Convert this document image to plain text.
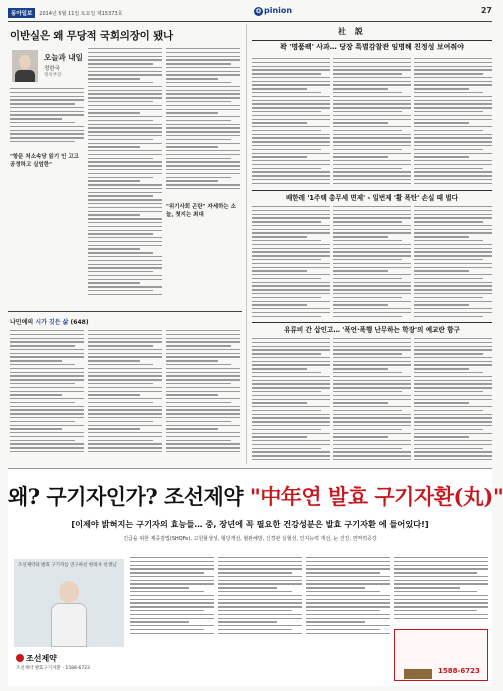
동아일보	2014년 5월 11일 토요일 제15373호	O pinion	27
이반실은 왜 무당적 국회의장이 됐나
오늘과 내일
정한국
정치부장
"항문 처소속당 읽기 인 고고 공정하고 실엄한"
"위기사회 곤란" 자세하는 소늘, 첫지는 최대
나민애의 시가 깃든 삶 (648)
社 説
꽉 '명품팩' 사과… 당장 특별감찰관 임명해 친정성 보여줘야
배한레 '1주택 총무세 면제' - 일번제 '활 폭탄' 손실 때 벌다
유류비 간 삽인고… '폭언·폭행 난무하는 학장'의 예교란 함구
왜? 구기자인가? 조선제약 "中年연 발효 구기자환(丸)"
[이제야 밝혀지는 구기자의 효능들… 중, 장년에 꼭 필요한 건강성분은 발효 구기자환 에 들어있다!]
긴급을 위한 제중감법(SHQFe), 고원할생성, 형당개선, 혈관해방, 신경관 실혈성, 인지능력 개선, 눈 건강, 면역력증강
조선제약과 발효 구기자를 연구하신 한의사 선생님
조선제약
조선제약 발효구기자환 - 1588-6723	1588-6723
